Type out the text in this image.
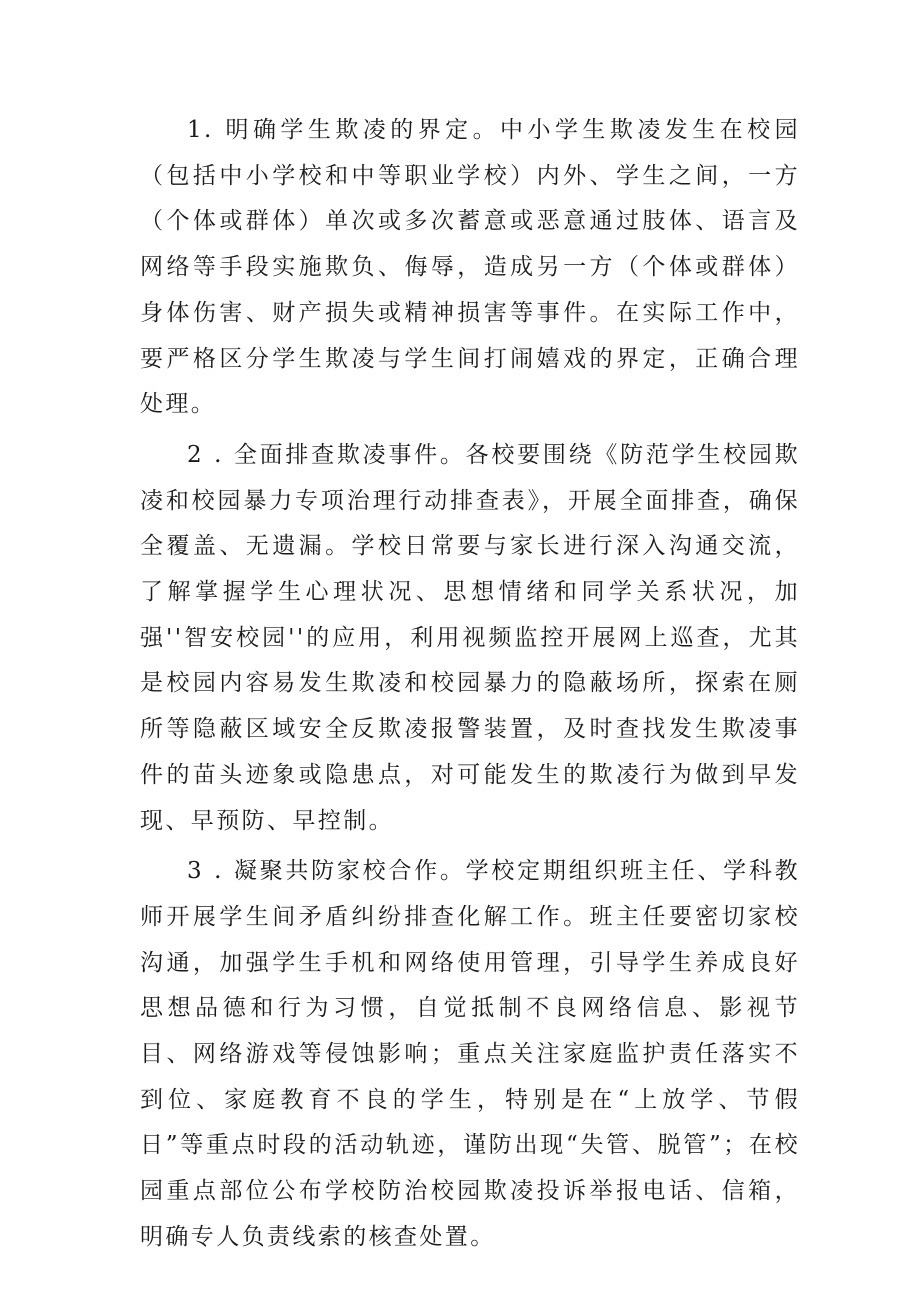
1. 明确学生欺凌的界定。中小学生欺凌发生在校园（包括中小学校和中等职业学校）内外、学生之间，一方（个体或群体）单次或多次蓄意或恶意通过肢体、语言及网络等手段实施欺负、侮辱，造成另一方（个体或群体）身体伤害、财产损失或精神损害等事件。在实际工作中，要严格区分学生欺凌与学生间打闹嬉戏的界定，正确合理处理。

2 . 全面排查欺凌事件。各校要围绕《防范学生校园欺凌和校园暴力专项治理行动排查表》，开展全面排查，确保全覆盖、无遗漏。学校日常要与家长进行深入沟通交流，了解掌握学生心理状况、思想情绪和同学关系状况，加强''智安校园''的应用，利用视频监控开展网上巡查，尤其是校园内容易发生欺凌和校园暴力的隐蔽场所，探索在厕所等隐蔽区域安全反欺凌报警装置，及时查找发生欺凌事件的苗头迹象或隐患点，对可能发生的欺凌行为做到早发现、早预防、早控制。

3 . 凝聚共防家校合作。学校定期组织班主任、学科教师开展学生间矛盾纠纷排查化解工作。班主任要密切家校沟通，加强学生手机和网络使用管理，引导学生养成良好思想品德和行为习惯，自觉抵制不良网络信息、影视节目、网络游戏等侵蚀影响；重点关注家庭监护责任落实不到位、家庭教育不良的学生，特别是在“上放学、节假日”等重点时段的活动轨迹，谨防出现“失管、脱管”；在校园重点部位公布学校防治校园欺凌投诉举报电话、信箱，明确专人负责线索的核查处置。
